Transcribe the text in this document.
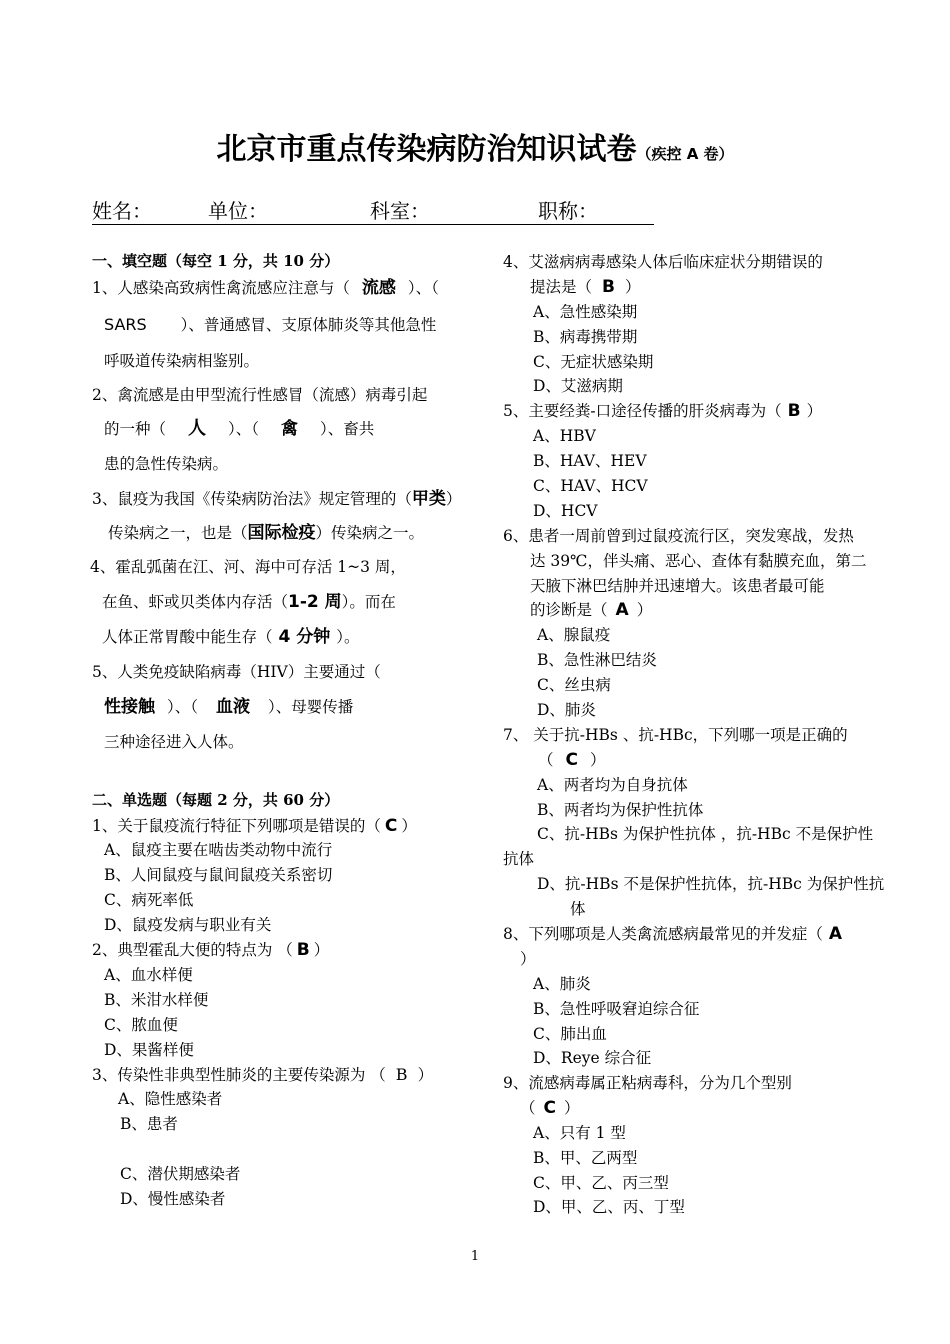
北京市重点传染病防治知识试卷（疾控 A 卷）
姓名：	单位：	科室：	职称：
一、填空题（每空 1 分，共 10 分）
1、人感染高致病性禽流感应注意与（ 流感 ）、（
SARS ）、普通感冒、支原体肺炎等其他急性
呼吸道传染病相鉴别。
2、禽流感是由甲型流行性感冒（流感）病毒引起
的一种（ 人 ）、（ 禽 ）、畜共
患的急性传染病。
3、鼠疫为我国《传染病防治法》规定管理的（甲类）
传染病之一，也是（国际检疫）传染病之一。
4、霍乱弧菌在江、河、海中可存活 1~3 周，
在鱼、虾或贝类体内存活（1-2 周）。而在
人体正常胃酸中能生存（ 4 分钟 ）。
5、人类免疫缺陷病毒（HIV）主要通过（
性接触 ）、（ 血液 ）、母婴传播
三种途径进入人体。
二、单选题（每题 2 分，共 60 分）
1、关于鼠疫流行特征下列哪项是错误的（ C ）
A、鼠疫主要在啮齿类动物中流行
B、人间鼠疫与鼠间鼠疫关系密切
C、病死率低
D、鼠疫发病与职业有关
2、典型霍乱大便的特点为 （ B ）
A、血水样便
B、米泔水样便
C、脓血便
D、果酱样便
3、传染性非典型性肺炎的主要传染源为 （ B ）
A、隐性感染者
B、患者
C、潜伏期感染者
D、慢性感染者
4、艾滋病病毒感染人体后临床症状分期错误的
提法是（ B ）
A、急性感染期
B、病毒携带期
C、无症状感染期
D、艾滋病期
5、主要经粪-口途径传播的肝炎病毒为（ B ）
A、HBV
B、HAV、HEV
C、HAV、HCV
D、HCV
6、患者一周前曾到过鼠疫流行区，突发寒战，发热
达 39℃，伴头痛、恶心、查体有黏膜充血，第二
天腋下淋巴结肿并迅速增大。该患者最可能
的诊断是（ A ）
A、腺鼠疫
B、急性淋巴结炎
C、丝虫病
D、肺炎
7、 关于抗-HBs 、抗-HBc，下列哪一项是正确的
（ C ）
A、两者均为自身抗体
B、两者均为保护性抗体
C、抗-HBs 为保护性抗体 ，抗-HBc 不是保护性
抗体
D、抗-HBs 不是保护性抗体，抗-HBc 为保护性抗
体
8、下列哪项是人类禽流感病最常见的并发症（ A
）
A、肺炎
B、急性呼吸窘迫综合征
C、肺出血
D、Reye 综合征
9、流感病毒属正粘病毒科，分为几个型别
（ C ）
A、只有 1 型
B、甲、乙两型
C、甲、乙、丙三型
D、甲、乙、丙、丁型
1
